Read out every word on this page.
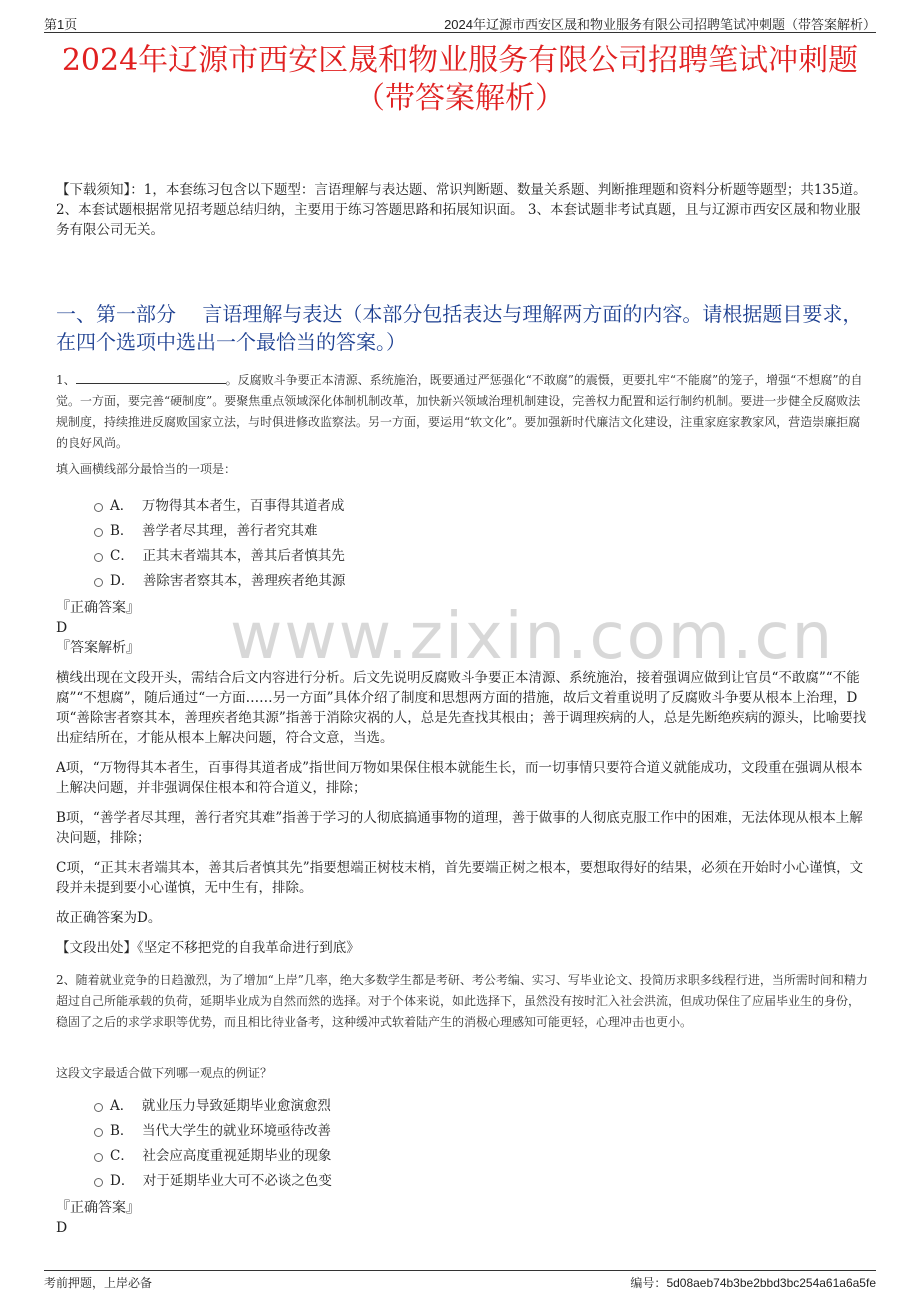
第1页	2024年辽源市西安区晟和物业服务有限公司招聘笔试冲刺题（带答案解析）
2024年辽源市西安区晟和物业服务有限公司招聘笔试冲刺题
（带答案解析）
www.zixin.com.cn
【下载须知】：1，本套练习包含以下题型：言语理解与表达题、常识判断题、数量关系题、判断推理题和资料分析题等题型；共135道。 2、本套试题根据常见招考题总结归纳，主要用于练习答题思路和拓展知识面。 3、本套试题非考试真题，且与辽源市西安区晟和物业服务有限公司无关。
一、第一部分　 言语理解与表达（本部分包括表达与理解两方面的内容。请根据题目要求，在四个选项中选出一个最恰当的答案。）
1、	。反腐败斗争要正本清源、系统施治，既要通过严惩强化“不敢腐”的震慑，更要扎牢“不能腐”的笼子，增强“不想腐”的自觉。一方面，要完善“硬制度”。要聚焦重点领域深化体制机制改革，加快新兴领域治理机制建设，完善权力配置和运行制约机制。要进一步健全反腐败法规制度，持续推进反腐败国家立法，与时俱进修改监察法。另一方面，要运用“软文化”。要加强新时代廉洁文化建设，注重家庭家教家风，营造崇廉拒腐的良好风尚。
填入画横线部分最恰当的一项是：
A． 万物得其本者生，百事得其道者成
B． 善学者尽其理，善行者究其难
C． 正其末者端其本，善其后者慎其先
D． 善除害者察其本，善理疾者绝其源
『正确答案』
D
『答案解析』
横线出现在文段开头，需结合后文内容进行分析。后文先说明反腐败斗争要正本清源、系统施治，接着强调应做到让官员“不敢腐”“不能腐”“不想腐”，随后通过“一方面……另一方面”具体介绍了制度和思想两方面的措施，故后文着重说明了反腐败斗争要从根本上治理，D项“善除害者察其本，善理疾者绝其源”指善于消除灾祸的人，总是先查找其根由；善于调理疾病的人，总是先断绝疾病的源头，比喻要找出症结所在，才能从根本上解决问题，符合文意，当选。
A项，“万物得其本者生，百事得其道者成”指世间万物如果保住根本就能生长，而一切事情只要符合道义就能成功，文段重在强调从根本上解决问题，并非强调保住根本和符合道义，排除；
B项，“善学者尽其理，善行者究其难”指善于学习的人彻底搞通事物的道理，善于做事的人彻底克服工作中的困难，无法体现从根本上解决问题，排除；
C项，“正其末者端其本，善其后者慎其先”指要想端正树枝末梢，首先要端正树之根本，要想取得好的结果，必须在开始时小心谨慎，文段并未提到要小心谨慎，无中生有，排除。
故正确答案为D。
【文段出处】《坚定不移把党的自我革命进行到底》
2、随着就业竞争的日趋激烈，为了增加“上岸”几率，绝大多数学生都是考研、考公考编、实习、写毕业论文、投简历求职多线程行进，当所需时间和精力超过自己所能承载的负荷，延期毕业成为自然而然的选择。对于个体来说，如此选择下，虽然没有按时汇入社会洪流，但成功保住了应届毕业生的身份，稳固了之后的求学求职等优势，而且相比待业备考，这种缓冲式软着陆产生的消极心理感知可能更轻，心理冲击也更小。
这段文字最适合做下列哪一观点的例证？
A． 就业压力导致延期毕业愈演愈烈
B． 当代大学生的就业环境亟待改善
C． 社会应高度重视延期毕业的现象
D． 对于延期毕业大可不必谈之色变
『正确答案』
D
考前押题，上岸必备	编号：5d08aeb74b3be2bbd3bc254a61a6a5fe
